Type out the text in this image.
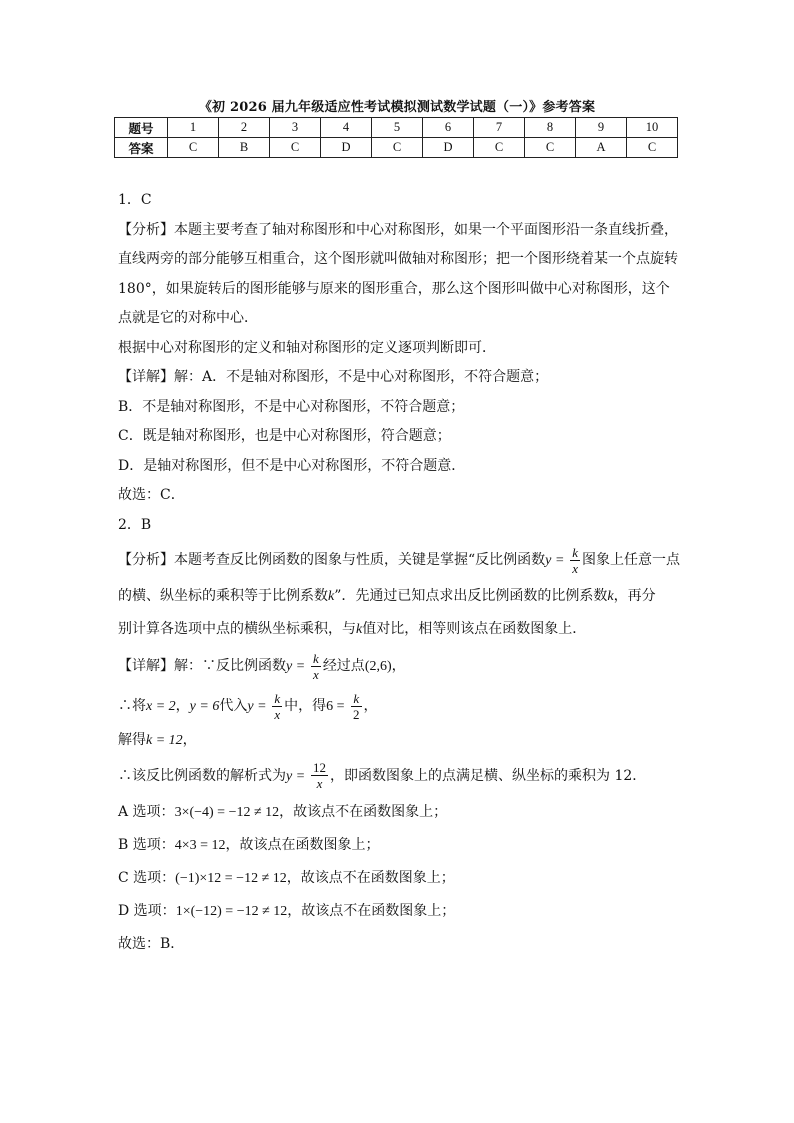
《初 2026 届九年级适应性考试模拟测试数学试题（一）》参考答案
题号	1	2	3	4	5	6	7	8	9	10
答案	C	B	C	D	C	D	C	C	A	C
1．C
【分析】本题主要考查了轴对称图形和中心对称图形，如果一个平面图形沿一条直线折叠，
直线两旁的部分能够互相重合，这个图形就叫做轴对称图形；把一个图形绕着某一个点旋转
180°，如果旋转后的图形能够与原来的图形重合，那么这个图形叫做中心对称图形，这个
点就是它的对称中心．
根据中心对称图形的定义和轴对称图形的定义逐项判断即可．
【详解】解：A．不是轴对称图形，不是中心对称图形，不符合题意；
B．不是轴对称图形，不是中心对称图形，不符合题意；
C．既是轴对称图形，也是中心对称图形，符合题意；
D．是轴对称图形，但不是中心对称图形，不符合题意．
故选：C．
2．B
【分析】本题考查反比例函数的图象与性质，关键是掌握“反比例函数$y = \frac{k}{x}$ 图象上任意一点
的横、纵坐标的乘积等于比例系数k”．先通过已知点求出反比例函数的比例系数k，再分
别计算各选项中点的横纵坐标乘积，与k值对比，相等则该点在函数图象上．
【详解】解：∵反比例函数$y = \frac{k}{x}$ 经过点(2,6)，
∴将x = 2，y = 6代入$y = \frac{k}{x}$ 中，得$6 = \frac{k}{2}$ ，
解得k = 12，
∴该反比例函数的解析式为$y = \frac{12}{x}$ ，即函数图象上的点满足横、纵坐标的乘积为 12．
A 选项：3×(−4) = −12 ≠ 12，故该点不在函数图象上；
B 选项：4×3 = 12，故该点在函数图象上；
C 选项：(−1)×12 = −12 ≠ 12，故该点不在函数图象上；
D 选项：1×(−12) = −12 ≠ 12，故该点不在函数图象上；
故选：B．
